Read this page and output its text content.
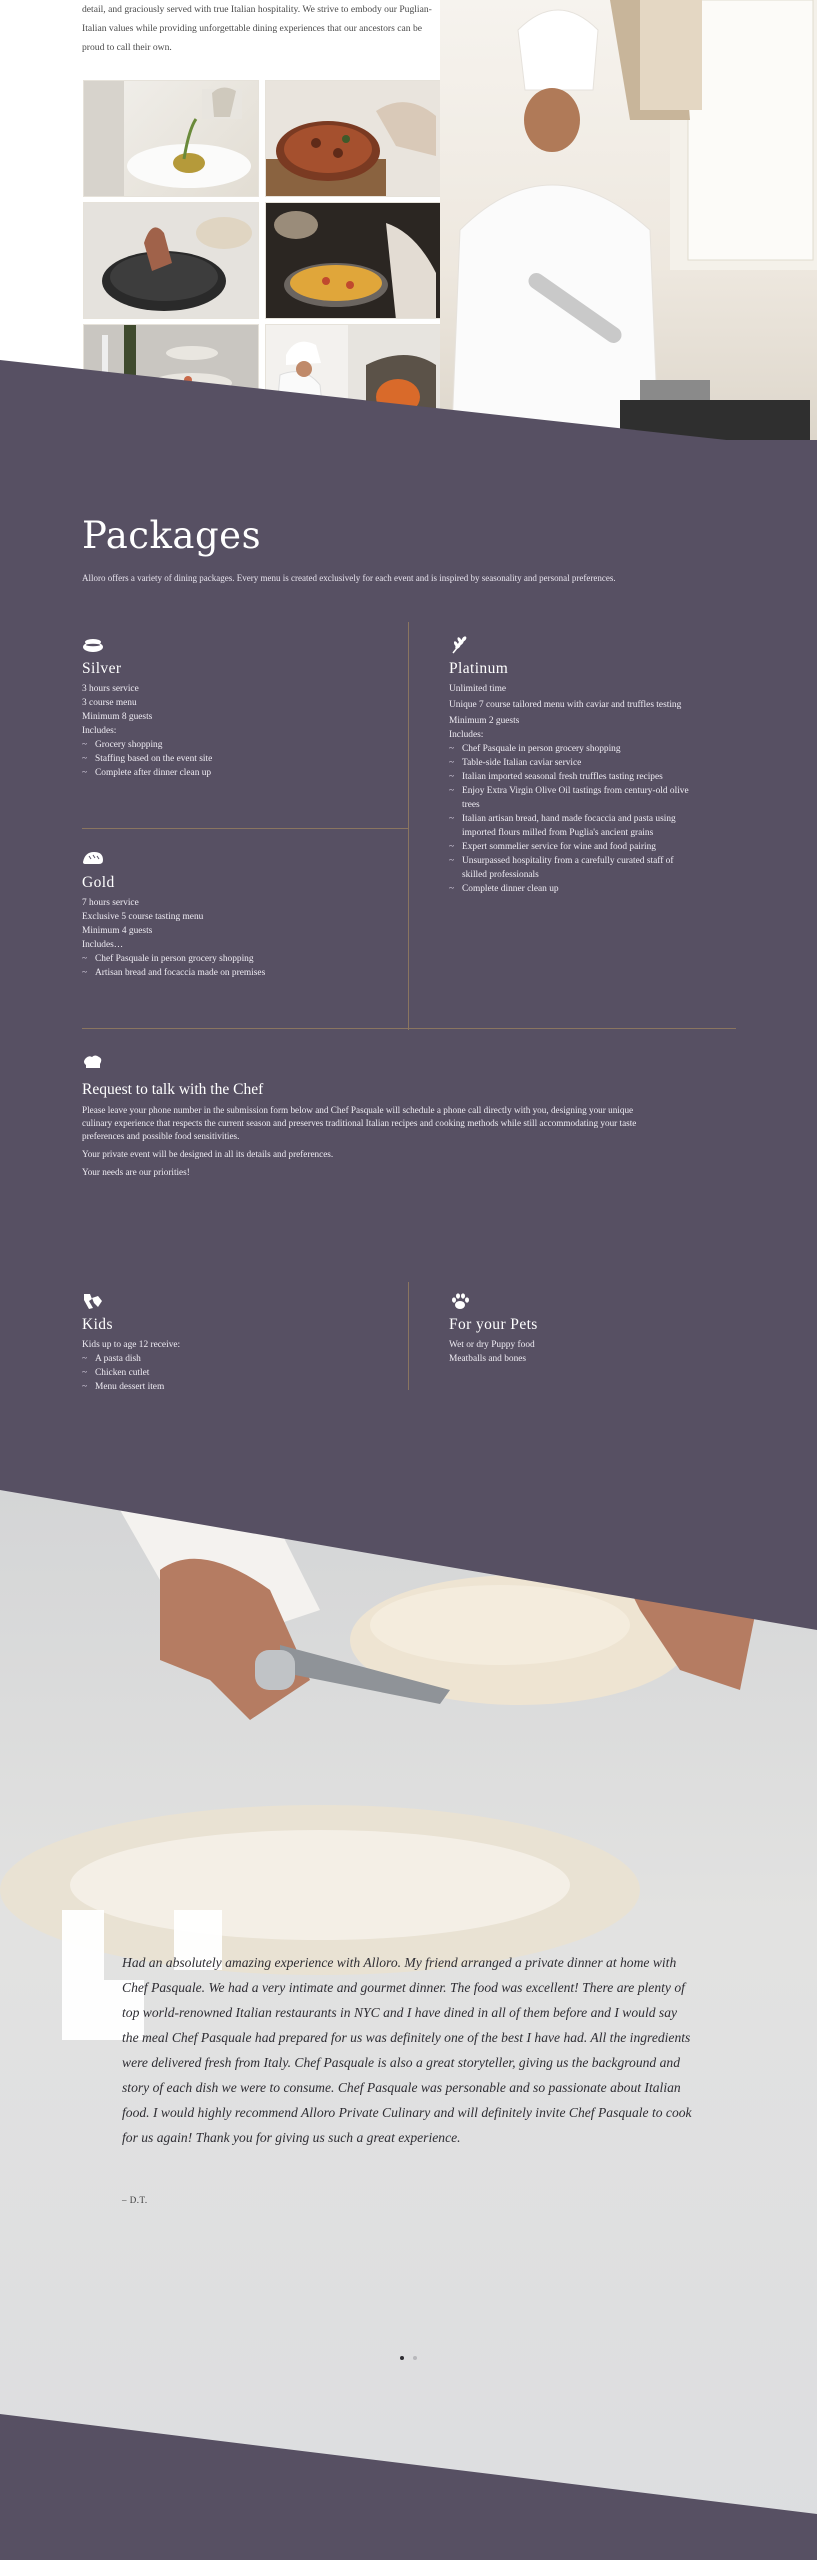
detail, and graciously served with true Italian hospitality. We strive to embody our Puglian-Italian values while providing unforgettable dining experiences that our ancestors can be proud to call their own.

Packages

Alloro offers a variety of dining packages. Every menu is created exclusively for each event and is inspired by seasonality and personal preferences.

Silver
3 hours service
3 course menu
Minimum 8 guests
Includes:
~ Grocery shopping
~ Staffing based on the event site
~ Complete after dinner clean up
Gold
7 hours service
Exclusive 5 course tasting menu
Minimum 4 guests
Includes…
~ Chef Pasquale in person grocery shopping
~ Artisan bread and focaccia made on premises
Platinum
Unlimited time
Unique 7 course tailored menu with caviar and truffles testing
Minimum 2 guests
Includes:
~ Chef Pasquale in person grocery shopping
~ Table-side Italian caviar service
~ Italian imported seasonal fresh truffles tasting recipes
~ Enjoy Extra Virgin Olive Oil tastings from century-old olive trees
~ Italian artisan bread, hand made focaccia and pasta using imported flours milled from Puglia's ancient grains
~ Expert sommelier service for wine and food pairing
~ Unsurpassed hospitality from a carefully curated staff of skilled professionals
~ Complete dinner clean up
Request to talk with the Chef

Please leave your phone number in the submission form below and Chef Pasquale will schedule a phone call directly with you, designing your unique culinary experience that respects the current season and preserves traditional Italian recipes and cooking methods while still accommodating your taste preferences and possible food sensitivities.

Your private event will be designed in all its details and preferences.

Your needs are our priorities!

Kids
Kids up to age 12 receive:
~ A pasta dish
~ Chicken cutlet
~ Menu dessert item
For your Pets
Wet or dry Puppy food
Meatballs and bones

Had an absolutely amazing experience with Alloro. My friend arranged a private dinner at home with Chef Pasquale. We had a very intimate and gourmet dinner. The food was excellent! There are plenty of top world-renowned Italian restaurants in NYC and I have dined in all of them before and I would say the meal Chef Pasquale had prepared for us was definitely one of the best I have had. All the ingredients were delivered fresh from Italy. Chef Pasquale is also a great storyteller, giving us the background and story of each dish we were to consume. Chef Pasquale was personable and so passionate about Italian food. I would highly recommend Alloro Private Culinary and will definitely invite Chef Pasquale to cook for us again! Thank you for giving us such a great experience.

– D.T.
